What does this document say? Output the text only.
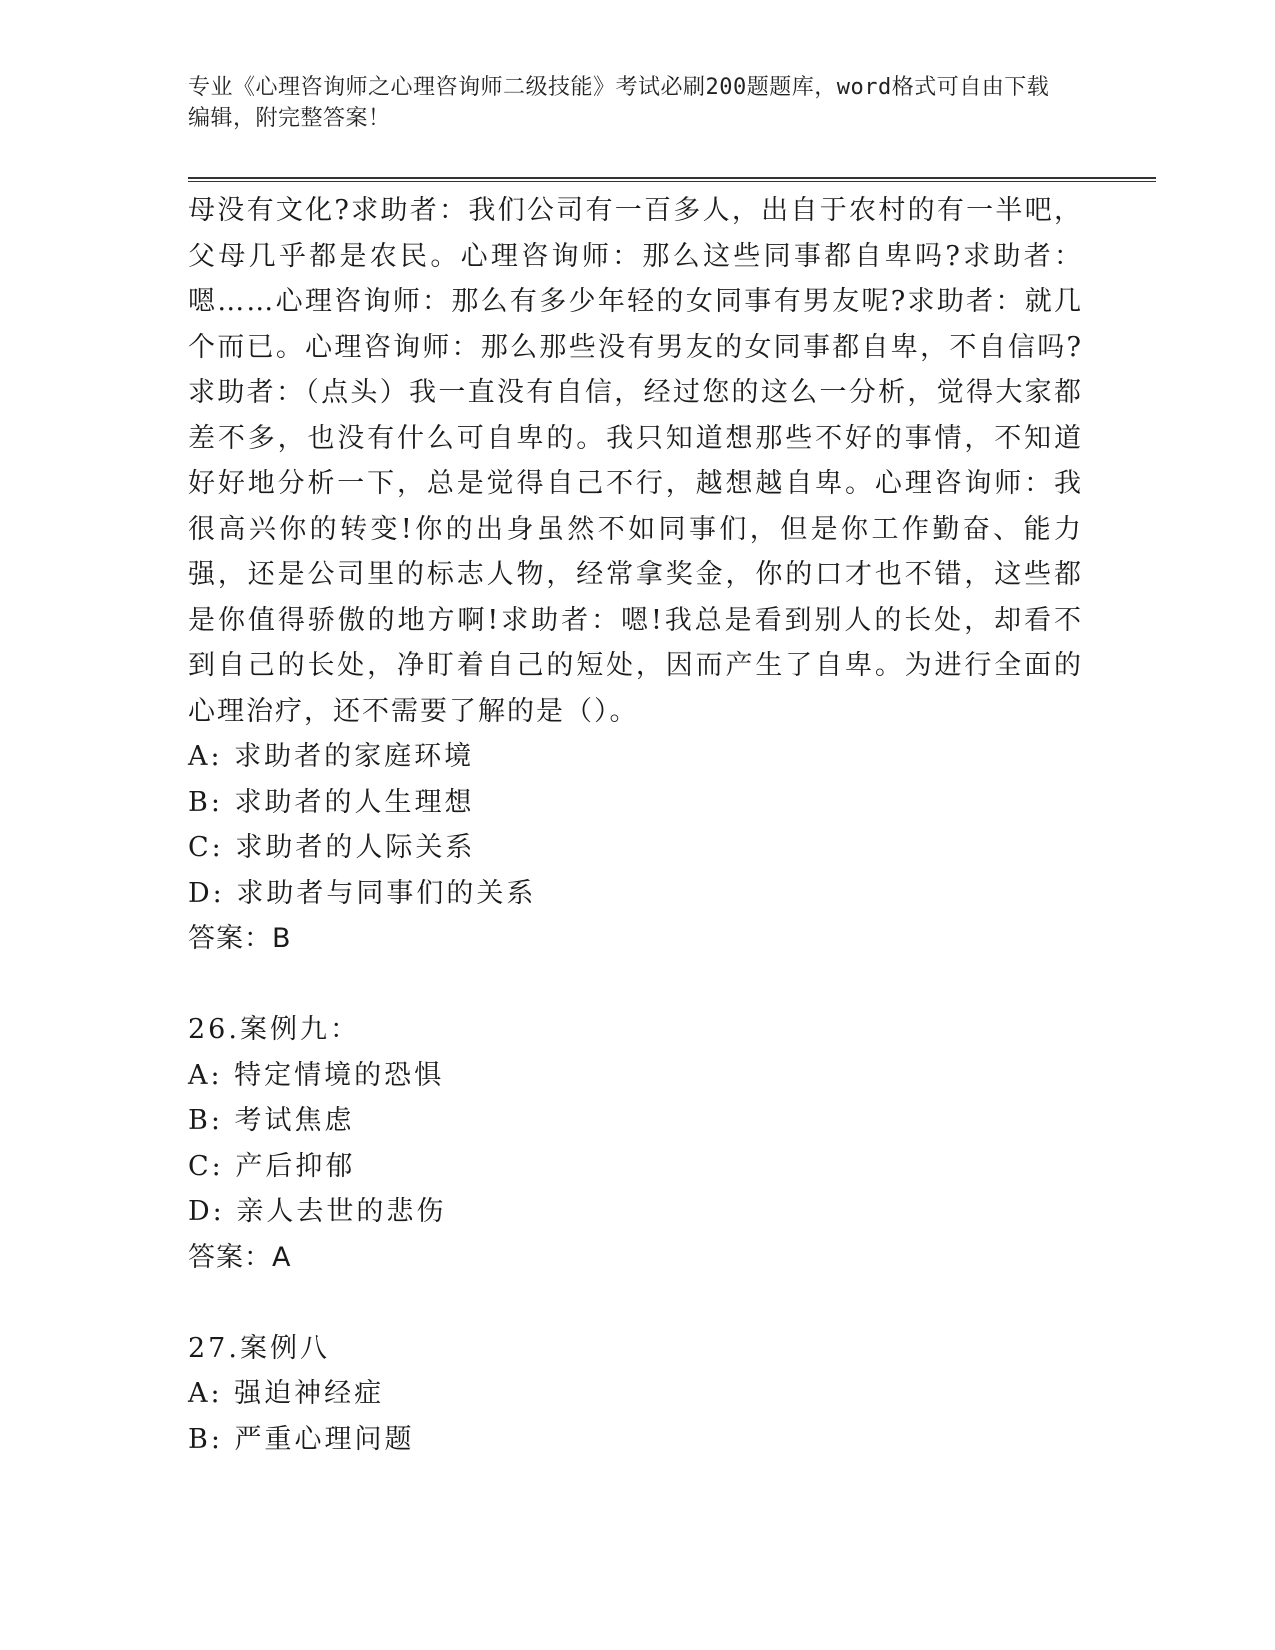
专业《心理咨询师之心理咨询师二级技能》考试必刷200题题库，word格式可自由下载编辑，附完整答案！

母没有文化?求助者：我们公司有一百多人，出自于农村的有一半吧，父母几乎都是农民。心理咨询师：那么这些同事都自卑吗?求助者：嗯……心理咨询师：那么有多少年轻的女同事有男友呢?求助者：就几个而已。心理咨询师：那么那些没有男友的女同事都自卑，不自信吗?求助者：（点头）我一直没有自信，经过您的这么一分析，觉得大家都差不多，也没有什么可自卑的。我只知道想那些不好的事情，不知道好好地分析一下，总是觉得自己不行，越想越自卑。心理咨询师：我很高兴你的转变!你的出身虽然不如同事们，但是你工作勤奋、能力强，还是公司里的标志人物，经常拿奖金，你的口才也不错，这些都是你值得骄傲的地方啊!求助者：嗯!我总是看到别人的长处，却看不到自己的长处，净盯着自己的短处，因而产生了自卑。为进行全面的心理治疗，还不需要了解的是（）。

A: 求助者的家庭环境
B: 求助者的人生理想
C: 求助者的人际关系
D: 求助者与同事们的关系
答案：B
26.案例九：
A: 特定情境的恐惧
B: 考试焦虑
C: 产后抑郁
D: 亲人去世的悲伤
答案：A
27.案例八
A: 强迫神经症
B: 严重心理问题
